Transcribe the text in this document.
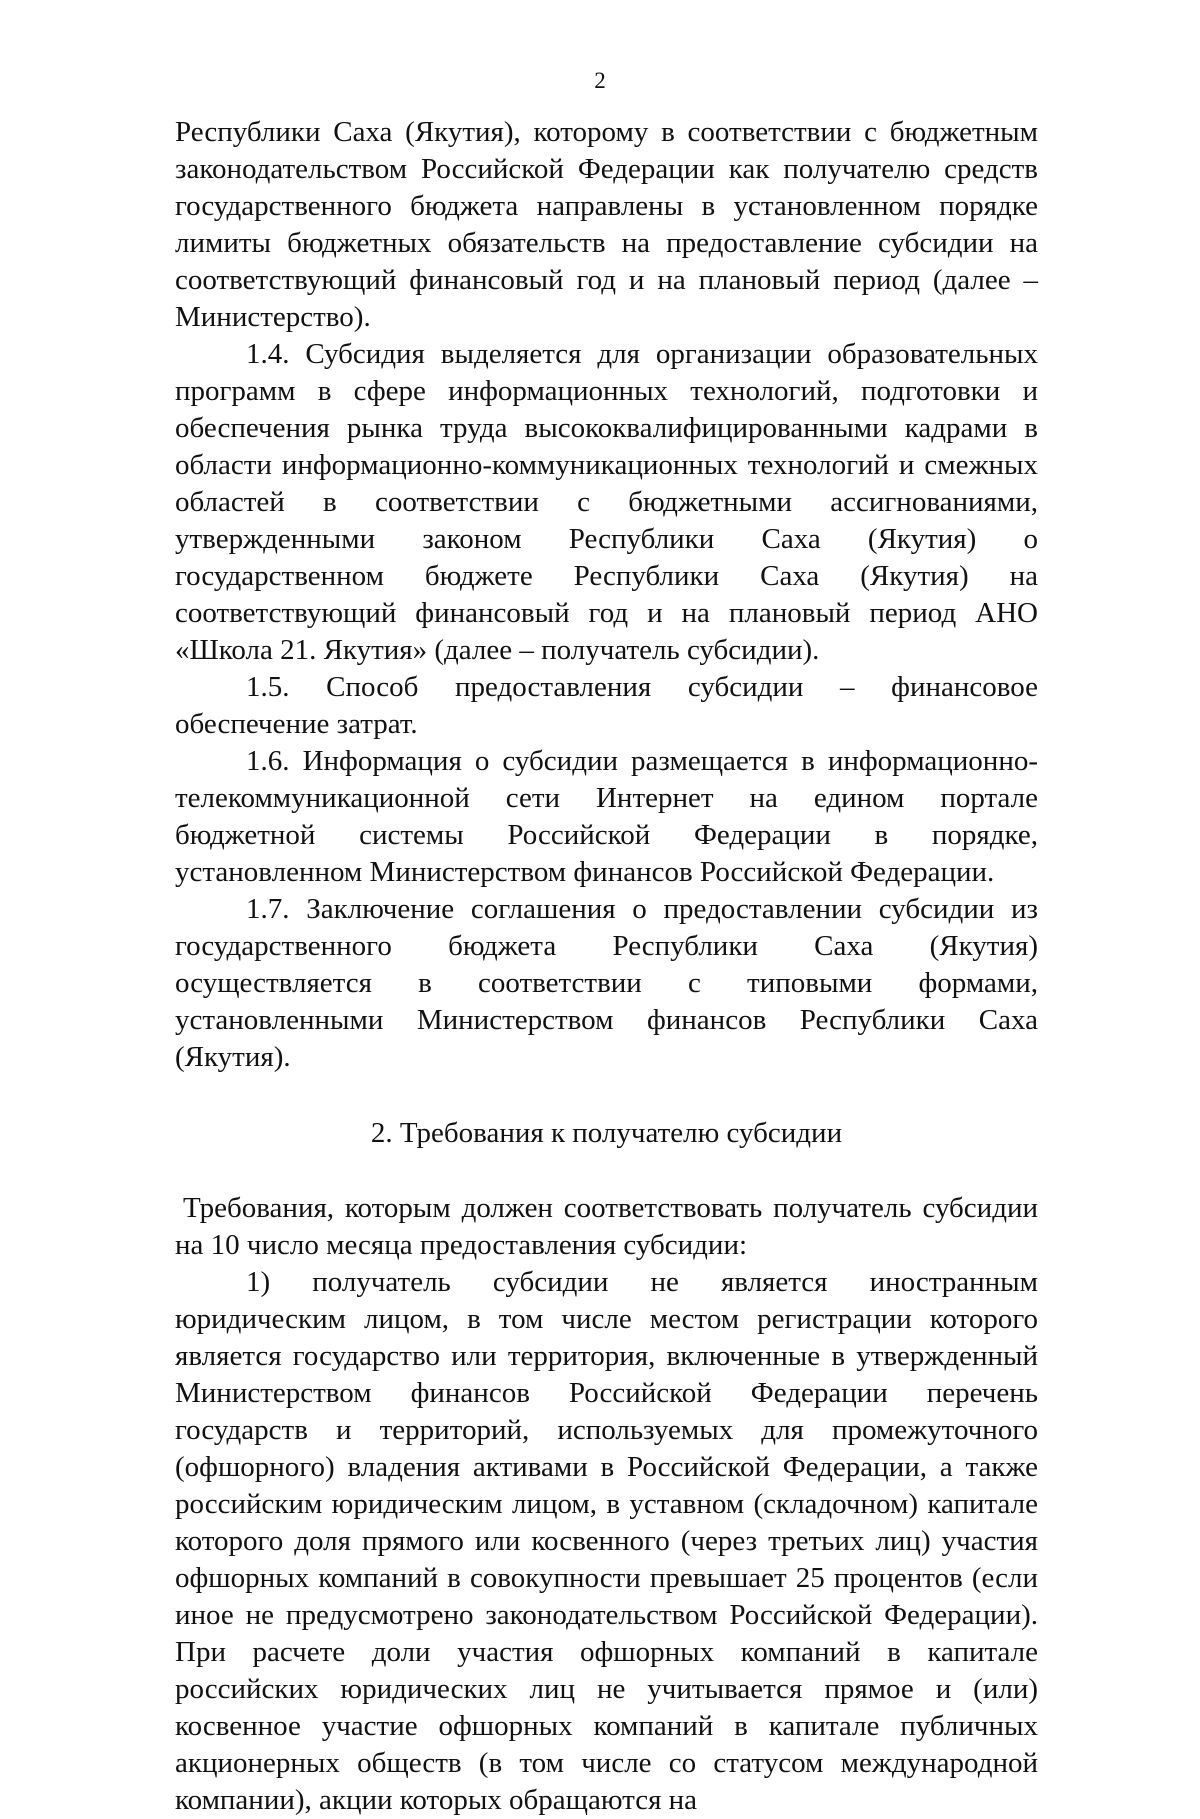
2

Республики Саха (Якутия), которому в соответствии с бюджетным законодательством Российской Федерации как получателю средств государственного бюджета направлены в установленном порядке лимиты бюджетных обязательств на предоставление субсидии на соответствующий финансовый год и на плановый период (далее – Министерство).

1.4. Субсидия выделяется для организации образовательных программ в сфере информационных технологий, подготовки и обеспечения рынка труда высококвалифицированными кадрами в области информационно-коммуникационных технологий и смежных областей в соответствии с бюджетными ассигнованиями, утвержденными законом Республики Саха (Якутия) о государственном бюджете Республики Саха (Якутия) на соответствующий финансовый год и на плановый период АНО «Школа 21. Якутия» (далее – получатель субсидии).

1.5. Способ предоставления субсидии – финансовое обеспечение затрат.

1.6. Информация о субсидии размещается в информационно-телекоммуникационной сети Интернет на едином портале бюджетной системы Российской Федерации в порядке, установленном Министерством финансов Российской Федерации.

1.7. Заключение соглашения о предоставлении субсидии из государственного бюджета Республики Саха (Якутия) осуществляется в соответствии с типовыми формами, установленными Министерством финансов Республики Саха (Якутия).

2. Требования к получателю субсидии

Требования, которым должен соответствовать получатель субсидии на 10 число месяца предоставления субсидии:

1) получатель субсидии не является иностранным юридическим лицом, в том числе местом регистрации которого является государство или территория, включенные в утвержденный Министерством финансов Российской Федерации перечень государств и территорий, используемых для промежуточного (офшорного) владения активами в Российской Федерации, а также российским юридическим лицом, в уставном (складочном) капитале которого доля прямого или косвенного (через третьих лиц) участия офшорных компаний в совокупности превышает 25 процентов (если иное не предусмотрено законодательством Российской Федерации). При расчете доли участия офшорных компаний в капитале российских юридических лиц не учитывается прямое и (или) косвенное участие офшорных компаний в капитале публичных акционерных обществ (в том числе со статусом международной компании), акции которых обращаются на
